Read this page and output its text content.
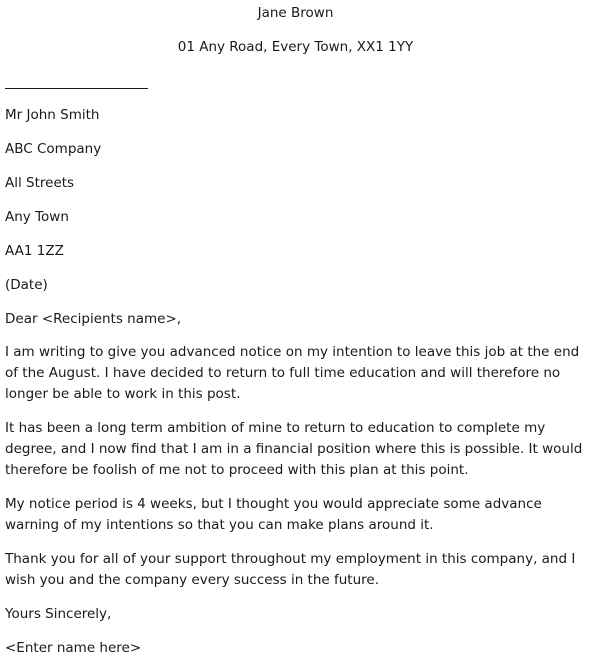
Jane Brown
01 Any Road, Every Town, XX1 1YY
Mr John Smith
ABC Company
All Streets
Any Town
AA1 1ZZ
(Date)
Dear <Recipients name>,
I am writing to give you advanced notice on my intention to leave this job at the end of the August. I have decided to return to full time education and will therefore no longer be able to work in this post.
It has been a long term ambition of mine to return to education to complete my degree, and I now find that I am in a financial position where this is possible. It would therefore be foolish of me not to proceed with this plan at this point.
My notice period is 4 weeks, but I thought you would appreciate some advance warning of my intentions so that you can make plans around it.
Thank you for all of your support throughout my employment in this company, and I wish you and the company every success in the future.
Yours Sincerely,
<Enter name here>
